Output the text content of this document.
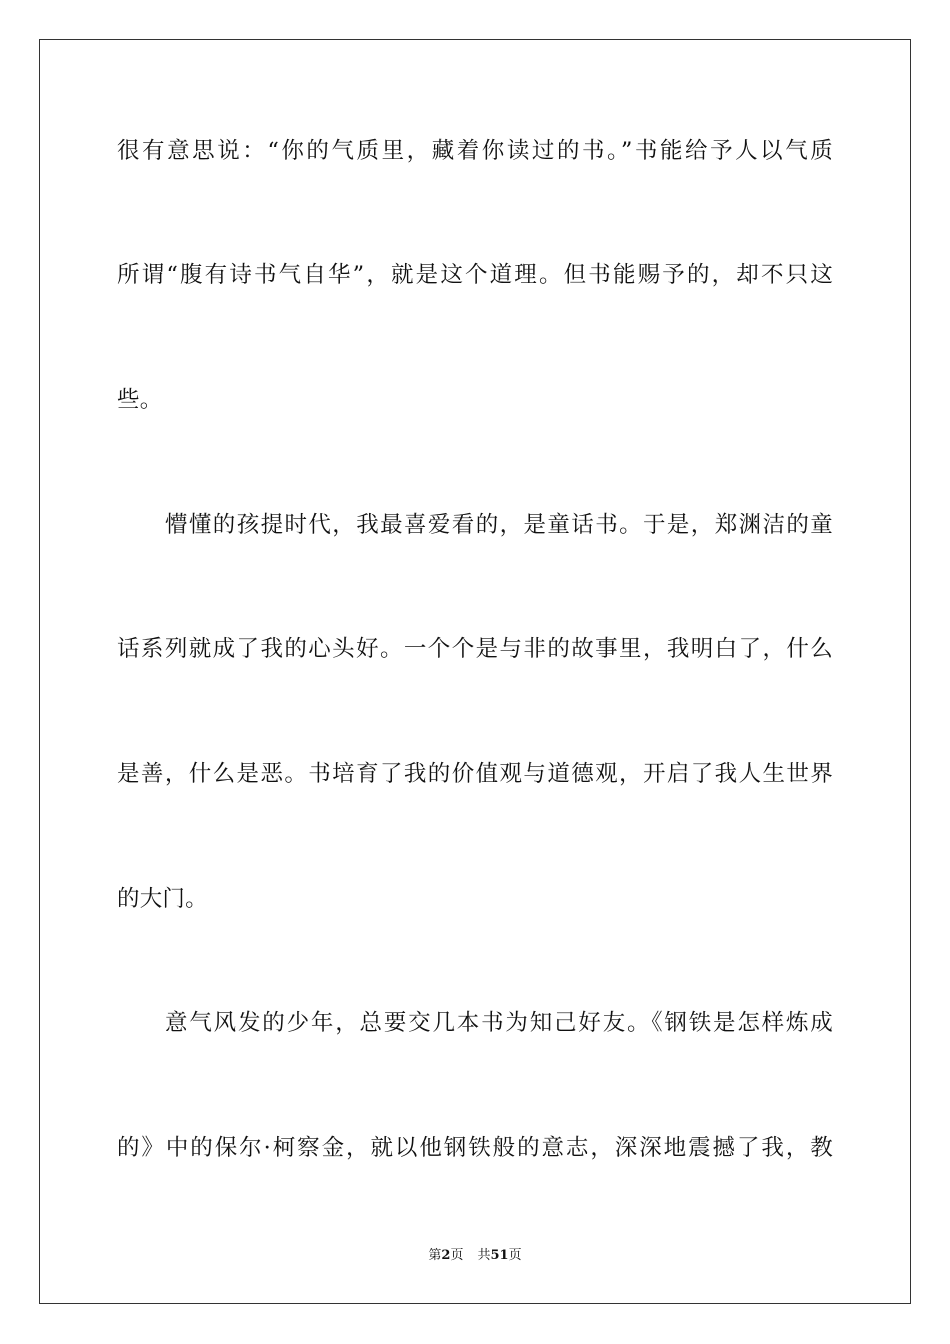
很有意思说：“你的气质里，藏着你读过的书。”书能给予人以气质
所谓“腹有诗书气自华”，就是这个道理。但书能赐予的，却不只这
些。
懵懂的孩提时代，我最喜爱看的，是童话书。于是，郑渊洁的童
话系列就成了我的心头好。一个个是与非的故事里，我明白了，什么
是善，什么是恶。书培育了我的价值观与道德观，开启了我人生世界
的大门。
意气风发的少年，总要交几本书为知己好友。《钢铁是怎样炼成
的》中的保尔·柯察金，就以他钢铁般的意志，深深地震撼了我，教
第2页 共51页
